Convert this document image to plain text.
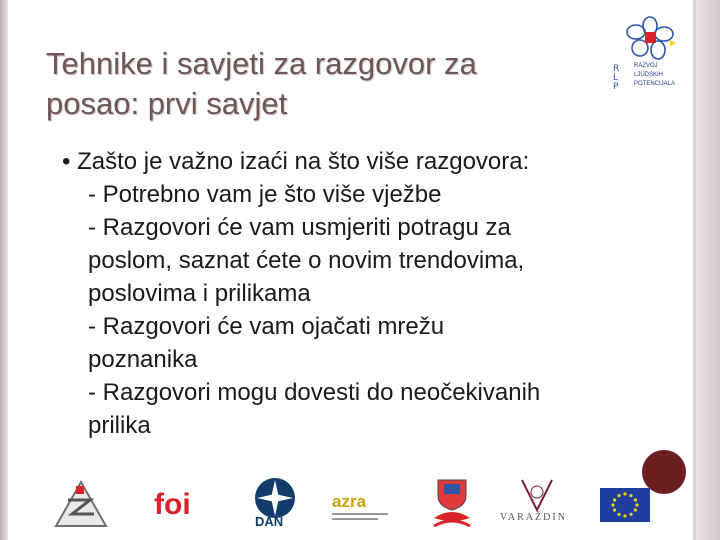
Tehnike i savjeti za razgovor za
posao: prvi savjet
• Zašto je važno izaći na što više razgovora:
- Potrebno vam je što više vježbe
- Razgovori će vam usmjeriti potragu za
poslom, saznat ćete o novim trendovima,
poslovima i prilikama
- Razgovori će vam ojačati mrežu
poznanika
- Razgovori mogu dovesti do neočekivanih
prilika
R
L
P
RAZVOJ
LJUDSKIH
POTENCIJALA
foi
DAN
azra
VARAŽDIN
